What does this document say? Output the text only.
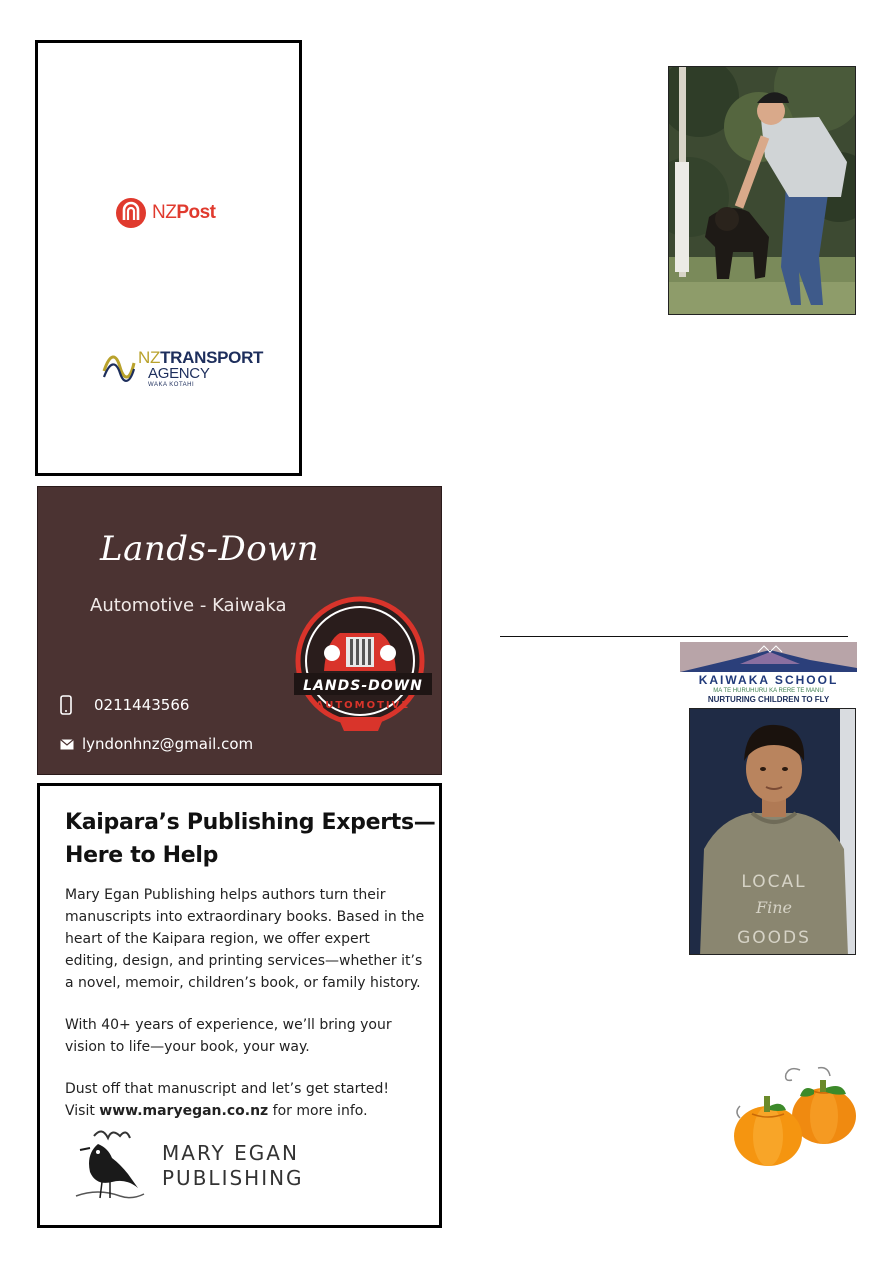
NZPost
NZTRANSPORT
AGENCY
WAKA KOTAHI
Lands-Down
Automotive - Kaiwaka
0211443566
lyndonhnz@gmail.com
LANDS-DOWN
AUTOMOTIVE
Kaipara’s Publishing Experts—
Here to Help

Mary Egan Publishing helps authors turn their manuscripts into extraordinary books. Based in the heart of the Kaipara region, we offer expert editing, design, and printing services—whether it’s a novel, memoir, children’s book, or family history.

With 40+ years of experience, we’ll bring your vision to life—your book, your way.

Dust off that manuscript and let’s get started!
Visit www.maryegan.co.nz for more info.

MARY EGAN
PUBLISHING
KAIWAKA SCHOOL
MA TE HURUHURU KA RERE TE MANU
NURTURING CHILDREN TO FLY
LOCAL
Fine
GOODS
